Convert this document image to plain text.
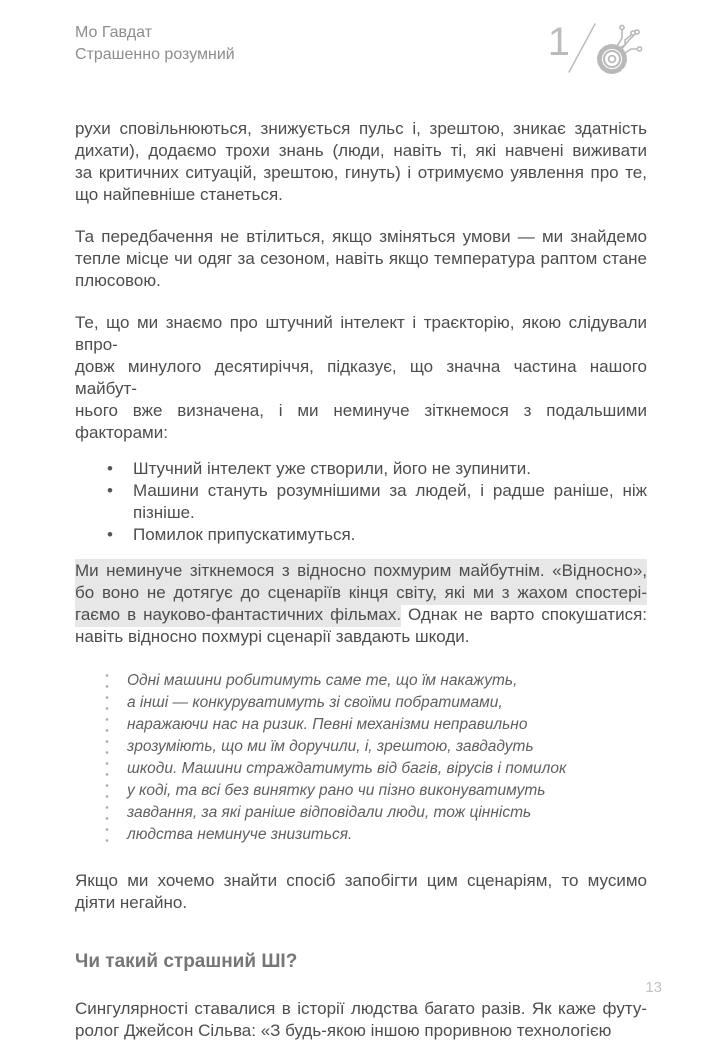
Мо Гавдат
Страшенно розумний	1

рухи сповільнюються, знижується пульс і, зрештою, зникає здатність
дихати), додаємо трохи знань (люди, навіть ті, які навчені виживати
за критичних ситуацій, зрештою, гинуть) і отримуємо уявлення про те,
що найпевніше станеться.

Та передбачення не втілиться, якщо зміняться умови — ми знайдемо
тепле місце чи одяг за сезоном, навіть якщо температура раптом стане
плюсовою.

Те, що ми знаємо про штучний інтелект і траєкторію, якою слідували впро-
довж минулого десятиріччя, підказує, що значна частина нашого майбут-
нього вже визначена, і ми неминуче зіткнемося з подальшими факторами:

•	Штучний інтелект уже створили, його не зупинити.
•	Машини стануть розумнішими за людей, і радше раніше, ніж
пізніше.
•	Помилок припускатимуться.

Ми неминуче зіткнемося з відносно похмурим майбутнім. «Відносно»,
бо воно не дотягує до сценаріїв кінця світу, які ми з жахом спостері-
гаємо в науково-фантастичних фільмах. Однак не варто спокушатися:
навіть відносно похмурі сценарії завдають шкоди.

Одні машини робитимуть саме те, що їм накажуть,
а інші — конкуруватимуть зі своїми побратимами,
наражаючи нас на ризик. Певні механізми неправильно
зрозуміють, що ми їм доручили, і, зрештою, завдадуть
шкоди. Машини страждатимуть від багів, вірусів і помилок
у коді, та всі без винятку рано чи пізно виконуватимуть
завдання, за які раніше відповідали люди, тож цінність
людства неминуче знизиться.

Якщо ми хочемо знайти спосіб запобігти цим сценаріям, то мусимо
діяти негайно.

Чи такий страшний ШІ?

Сингулярності ставалися в історії людства багато разів. Як каже футу-
ролог Джейсон Сільва: «З будь-якою іншою проривною технологією

13
